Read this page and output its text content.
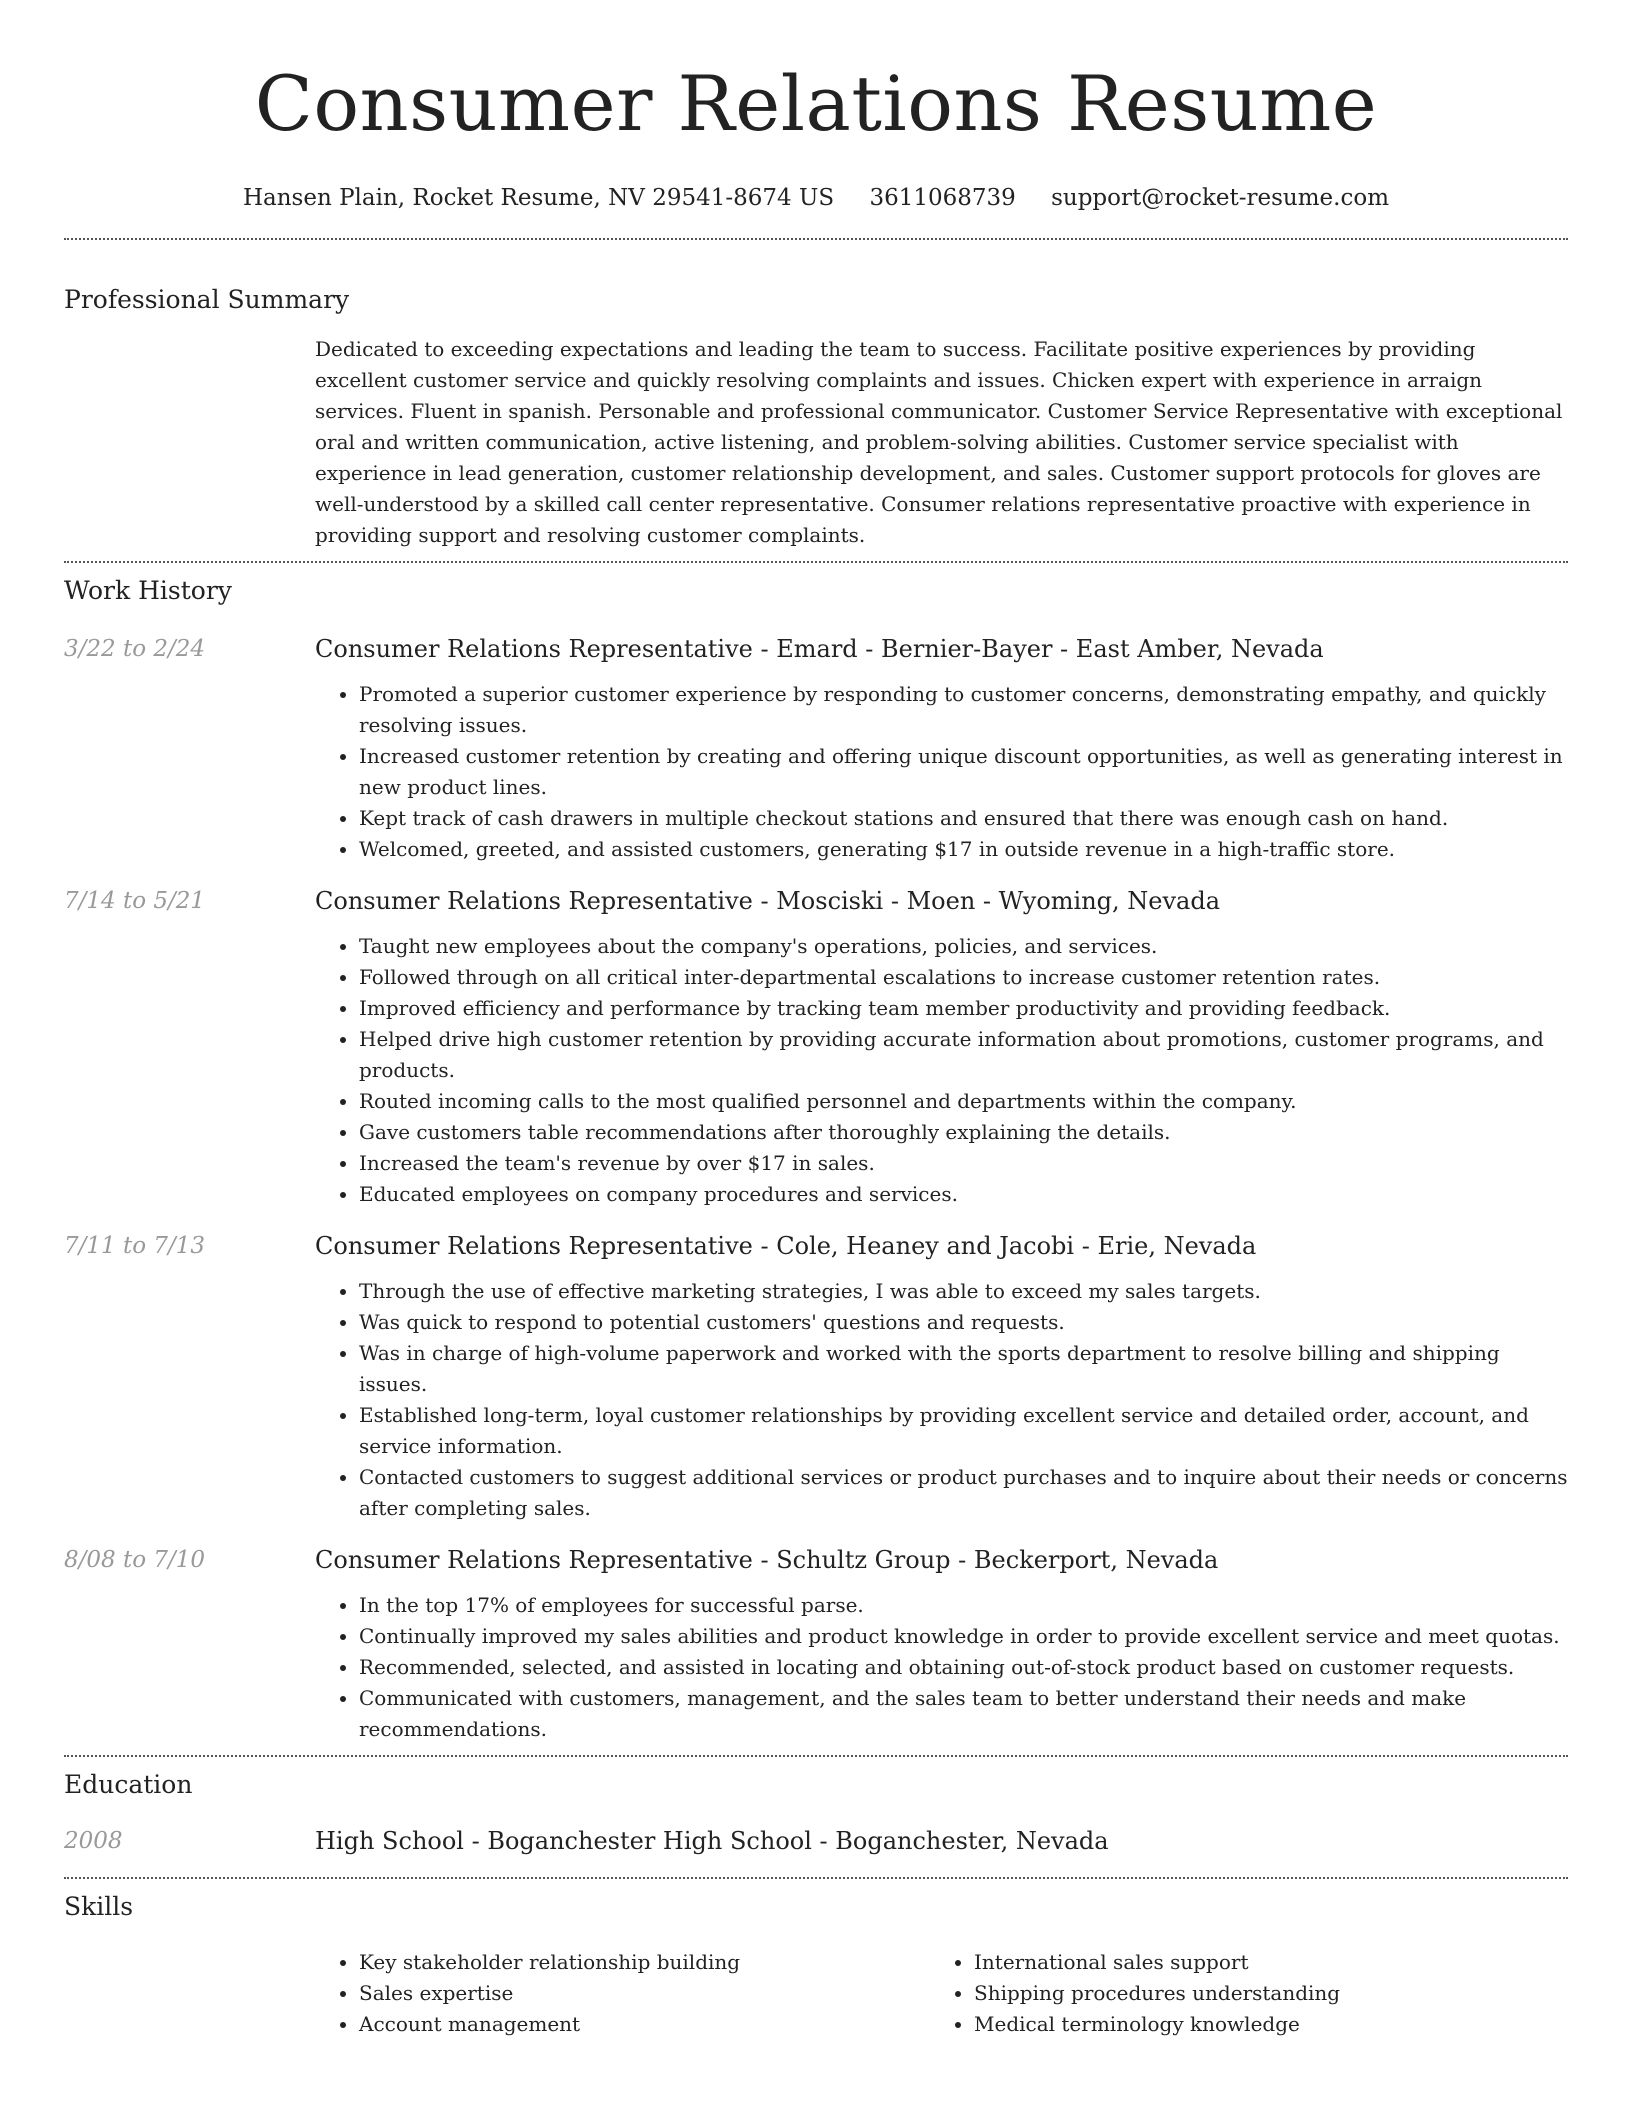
Consumer Relations Resume
Hansen Plain, Rocket Resume, NV 29541-8674 US 3611068739 support@rocket-resume.com
Professional Summary
Dedicated to exceeding expectations and leading the team to success. Facilitate positive experiences by providing excellent customer service and quickly resolving complaints and issues. Chicken expert with experience in arraign services. Fluent in spanish. Personable and professional communicator. Customer Service Representative with exceptional oral and written communication, active listening, and problem-solving abilities. Customer service specialist with experience in lead generation, customer relationship development, and sales. Customer support protocols for gloves are well-understood by a skilled call center representative. Consumer relations representative proactive with experience in providing support and resolving customer complaints.
Work History
3/22 to 2/24	Consumer Relations Representative - Emard - Bernier-Bayer - East Amber, Nevada
• Promoted a superior customer experience by responding to customer concerns, demonstrating empathy, and quickly resolving issues.
• Increased customer retention by creating and offering unique discount opportunities, as well as generating interest in new product lines.
• Kept track of cash drawers in multiple checkout stations and ensured that there was enough cash on hand.
• Welcomed, greeted, and assisted customers, generating $17 in outside revenue in a high-traffic store.
7/14 to 5/21	Consumer Relations Representative - Mosciski - Moen - Wyoming, Nevada
• Taught new employees about the company's operations, policies, and services.
• Followed through on all critical inter-departmental escalations to increase customer retention rates.
• Improved efficiency and performance by tracking team member productivity and providing feedback.
• Helped drive high customer retention by providing accurate information about promotions, customer programs, and products.
• Routed incoming calls to the most qualified personnel and departments within the company.
• Gave customers table recommendations after thoroughly explaining the details.
• Increased the team's revenue by over $17 in sales.
• Educated employees on company procedures and services.
7/11 to 7/13	Consumer Relations Representative - Cole, Heaney and Jacobi - Erie, Nevada
• Through the use of effective marketing strategies, I was able to exceed my sales targets.
• Was quick to respond to potential customers' questions and requests.
• Was in charge of high-volume paperwork and worked with the sports department to resolve billing and shipping issues.
• Established long-term, loyal customer relationships by providing excellent service and detailed order, account, and service information.
• Contacted customers to suggest additional services or product purchases and to inquire about their needs or concerns after completing sales.
8/08 to 7/10	Consumer Relations Representative - Schultz Group - Beckerport, Nevada
• In the top 17% of employees for successful parse.
• Continually improved my sales abilities and product knowledge in order to provide excellent service and meet quotas.
• Recommended, selected, and assisted in locating and obtaining out-of-stock product based on customer requests.
• Communicated with customers, management, and the sales team to better understand their needs and make recommendations.
Education
2008	High School - Boganchester High School - Boganchester, Nevada
Skills
• Key stakeholder relationship building
• Sales expertise
• Account management
• International sales support
• Shipping procedures understanding
• Medical terminology knowledge
